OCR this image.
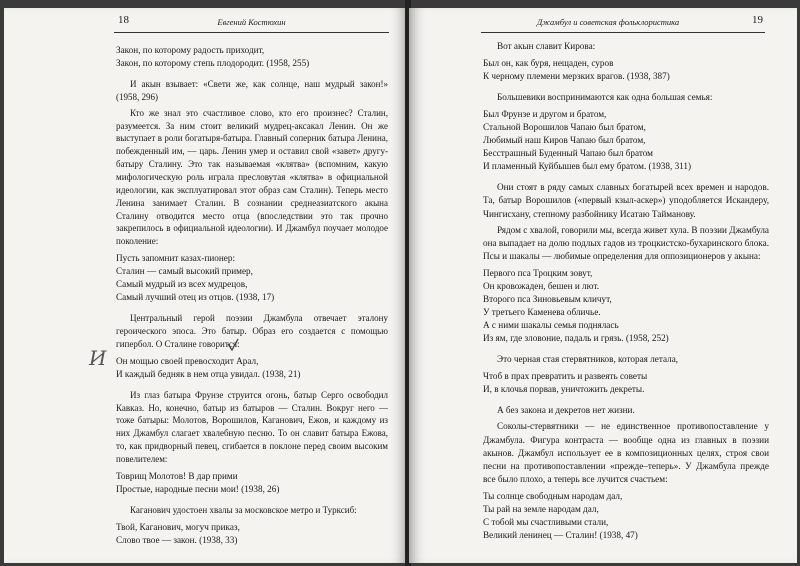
18	Евгений Костюхин
Закон, по которому радость приходит,
Закон, по которому степь плодородит. (1958, 255)

И акын взывает: «Свети же, как солнце, наш мудрый закон!» (1958, 296)

Кто же знал это счастливое слово, кто его произнес? Сталин, разумеется. За ним стоит великий мудрец-аксакал Ленин. Он же выступает в роли богатыря-батыра. Главный соперник батыра Ленина, побежденный им, — царь. Ленин умер и оставил свой «завет» другу-батыру Сталину. Это так называемая «клятва» (вспомним, какую мифологическую роль играла пресловутая «клятва» в официальной идеологии, как эксплуатировал этот образ сам Сталин). Теперь место Ленина занимает Сталин. В сознании среднеазиатского акына Сталину отводится место отца (впоследствии это так прочно закрепилось в официальной идеологии). И Джамбул поучает молодое поколение:

Пусть запомнит казах-пионер:
Сталин — самый высокий пример,
Самый мудрый из всех мудрецов,
Самый лучший отец из отцов. (1938, 17)

Центральный герой поэзии Джамбула отвечает эталону героического эпоса. Это батыр. Образ его создается с помощью гипербол. О Сталине говорится:

Он мощью своей превосходит Арал,
И каждый бедняк в нем отца увидал. (1938, 21)

Из глаз батыра Фрунзе струится огонь, батыр Серго освободил Кавказ. Но, конечно, батыр из батыров — Сталин. Вокруг него — тоже батыры: Молотов, Ворошилов, Каганович, Ежов, и каждому из них Джамбул слагает хвалебную песню. То он славит батыра Ежова, то, как придворный певец, сгибается в поклоне перед своим высоким повелителем:

Товрищ Молотов! В дар прими
Простые, народные песни мои! (1938, 26)

Каганович удостоен хвалы за московское метро и Турксиб:

Твой, Каганович, могуч приказ,
Слово твое — закон. (1938, 33)
И
Джамбул и советская фольклористика	19

Вот акын славит Кирова:

Был он, как буря, нещаден, суров
К черному племени мерзких врагов. (1938, 387)

Большевики воспринимаются как одна большая семья:

Был Фрунзе и другом и братом,
Стальной Ворошилов Чапаю был братом,
Любимый наш Киров Чапаю был братом,
Бесстрашный Буденный Чапаю был братом
И пламенный Куйбышев был ему братом. (1938, 311)

Они стоят в ряду самых славных богатырей всех времен и народов. Та, батыр Ворошилов («первый кзыл-аскер») уподобляется Искандеру, Чингисхану, степному разбойнику Исатаю Тайманову.

Рядом с хвалой, говорили мы, всегда живет хула. В поэзии Джамбула она выпадает на долю подлых гадов из троцкистско-бухаринского блока. Псы и шакалы — любимые определения для оппозиционеров у акына:

Первого пса Троцким зовут,
Он кровожаден, бешен и лют.
Второго пса Зиновьевым кличут,
У третьего Каменева обличье.
А с ними шакалы семья поднялась
Из ям, где зловоние, падаль и грязь. (1958, 252)

Это черная стая стервятников, которая летала,

Чтоб в прах превратить и развеять советы
И, в клочья порвав, уничтожить декреты.

А без закона и декретов нет жизни.

Соколы-стервятники — не единственное противопоставление у Джамбула. Фигура контраста — вообще одна из главных в поэзии акынов. Джамбул использует ее в композиционных целях, строя свои песни на противопоставлении «прежде–теперь». У Джамбула прежде все было плохо, а теперь все лучится счастьем:

Ты солнце свободным народам дал,
Ты рай на земле народам дал,
С тобой мы счастливыми стали,
Великий ленинец — Сталин! (1938, 47)
